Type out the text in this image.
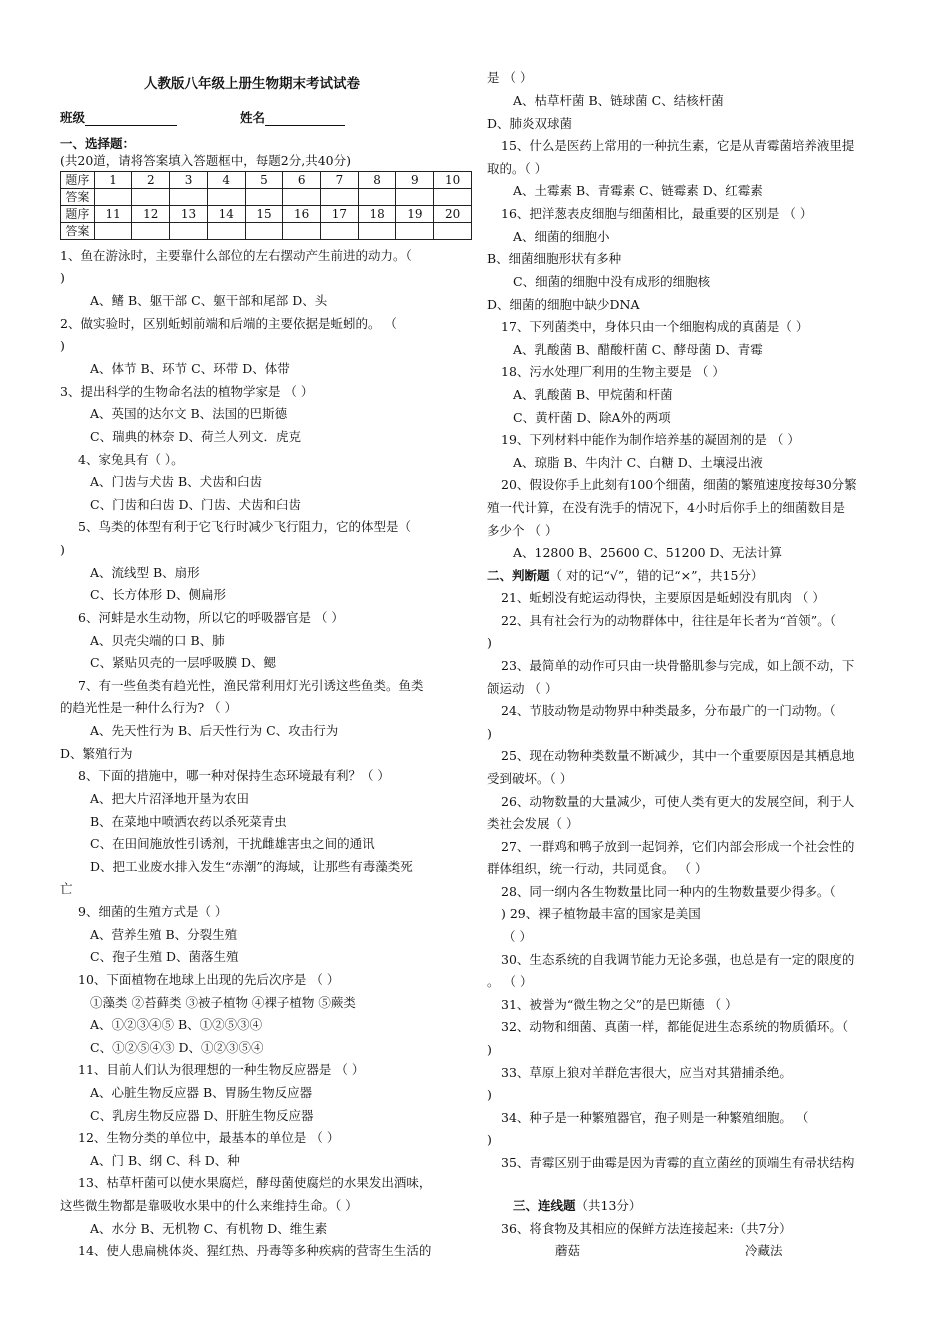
人教版八年级上册生物期末考试试卷
班级	姓名
一、选择题：
(共20道，请将答案填入答题框中，每题2分,共40分)
题序	1	2	3	4	5	6	7	8	9	10
答案										
题序	11	12	13	14	15	16	17	18	19	20
答案										
1、鱼在游泳时，主要靠什么部位的左右摆动产生前进的动力。（
)
A、鳍 B、躯干部 C、躯干部和尾部 D、头
2、做实验时，区别蚯蚓前端和后端的主要依据是蚯蚓的。 （
)
A、体节 B、环节 C、环带 D、体带
3、提出科学的生物命名法的植物学家是 （ ）
A、英国的达尔文 B、法国的巴斯德
C、瑞典的林奈 D、荷兰人列文．虎克
4、家兔具有（ ）。
A、门齿与犬齿 B、犬齿和臼齿
C、门齿和臼齿 D、门齿、犬齿和臼齿
5、鸟类的体型有利于它飞行时减少飞行阻力，它的体型是（
)
A、流线型 B、扇形
C、长方体形 D、侧扁形
6、河蚌是水生动物，所以它的呼吸器官是 （ ）
A、贝壳尖端的口 B、肺
C、紧贴贝壳的一层呼吸膜 D、鳃
7、有一些鱼类有趋光性，渔民常利用灯光引诱这些鱼类。鱼类
的趋光性是一种什么行为? （ ）
A、先天性行为 B、后天性行为 C、攻击行为
D、繁殖行为
8、下面的措施中，哪一种对保持生态环境最有利？（ ）
A、把大片沼泽地开垦为农田
B、在菜地中喷洒农药以杀死菜青虫
C、在田间施放性引诱剂，干扰雌雄害虫之间的通讯
D、把工业废水排入发生“赤潮”的海域，让那些有毒藻类死
亡
9、细菌的生殖方式是（ ）
A、营养生殖 B、分裂生殖
C、孢子生殖 D、菌落生殖
10、下面植物在地球上出现的先后次序是 （ ）
①藻类 ②苔藓类 ③被子植物 ④裸子植物 ⑤蕨类
A、①②③④⑤ B、①②⑤③④
C、①②⑤④③ D、①②③⑤④
11、目前人们认为很理想的一种生物反应器是 （ ）
A、心脏生物反应器 B、胃肠生物反应器
C、乳房生物反应器 D、肝脏生物反应器
12、生物分类的单位中，最基本的单位是 （ ）
A、门 B、纲 C、科 D、种
13、枯草杆菌可以使水果腐烂，酵母菌使腐烂的水果发出酒味，
这些微生物都是靠吸收水果中的什么来维持生命。（ ）
A、水分 B、无机物 C、有机物 D、维生素
14、使人患扁桃体炎、猩红热、丹毒等多种疾病的营寄生生活的
是 （ ）
A、枯草杆菌 B、链球菌 C、结核杆菌
D、肺炎双球菌
15、什么是医药上常用的一种抗生素，它是从青霉菌培养液里提
取的。（ ）
A、土霉素 B、青霉素 C、链霉素 D、红霉素
16、把洋葱表皮细胞与细菌相比，最重要的区别是 （ ）
A、细菌的细胞小
B、细菌细胞形状有多种
C、细菌的细胞中没有成形的细胞核
D、细菌的细胞中缺少DNA
17、下列菌类中，身体只由一个细胞构成的真菌是（ ）
A、乳酸菌 B、醋酸杆菌 C、酵母菌 D、青霉
18、污水处理厂利用的生物主要是 （ ）
A、乳酸菌 B、甲烷菌和杆菌
C、黄杆菌 D、除A外的两项
19、下列材料中能作为制作培养基的凝固剂的是 （ ）
A、琼脂 B、牛肉汁 C、白糖 D、土壤浸出液
20、假设你手上此刻有100个细菌，细菌的繁殖速度按每30分繁
殖一代计算，在没有洗手的情况下，4小时后你手上的细菌数目是
多少个 （ ）
A、12800 B、25600 C、51200 D、无法计算
二、判断题（ 对的记“√”，错的记“×”，共15分）
21、蚯蚓没有蛇运动得快，主要原因是蚯蚓没有肌肉 （ ）
22、具有社会行为的动物群体中，往往是年长者为“首领”。（
)
23、最简单的动作可只由一块骨骼肌参与完成，如上颌不动，下
颌运动 （ ）
24、节肢动物是动物界中种类最多，分布最广的一门动物。（
)
25、现在动物种类数量不断减少，其中一个重要原因是其栖息地
受到破坏。（ ）
26、动物数量的大量减少，可使人类有更大的发展空间，利于人
类社会发展（ ）
27、一群鸡和鸭子放到一起饲养，它们内部会形成一个社会性的
群体组织，统一行动，共同觅食。 （ ）
28、同一纲内各生物数量比同一种内的生物数量要少得多。（
) 29、裸子植物最丰富的国家是美国
（ ）
30、生态系统的自我调节能力无论多强，也总是有一定的限度的
。 （ ）
31、被誉为“微生物之父”的是巴斯德 （ ）
32、动物和细菌、真菌一样，都能促进生态系统的物质循环。（
)
33、草原上狼对羊群危害很大，应当对其猎捕杀绝。
)
34、种子是一种繁殖器官，孢子则是一种繁殖细胞。 （
)
35、青霉区别于曲霉是因为青霉的直立菌丝的顶端生有帚状结构
三、连线题（共13分）
36、将食物及其相应的保鲜方法连接起来:（共7分）
蘑菇	冷藏法
